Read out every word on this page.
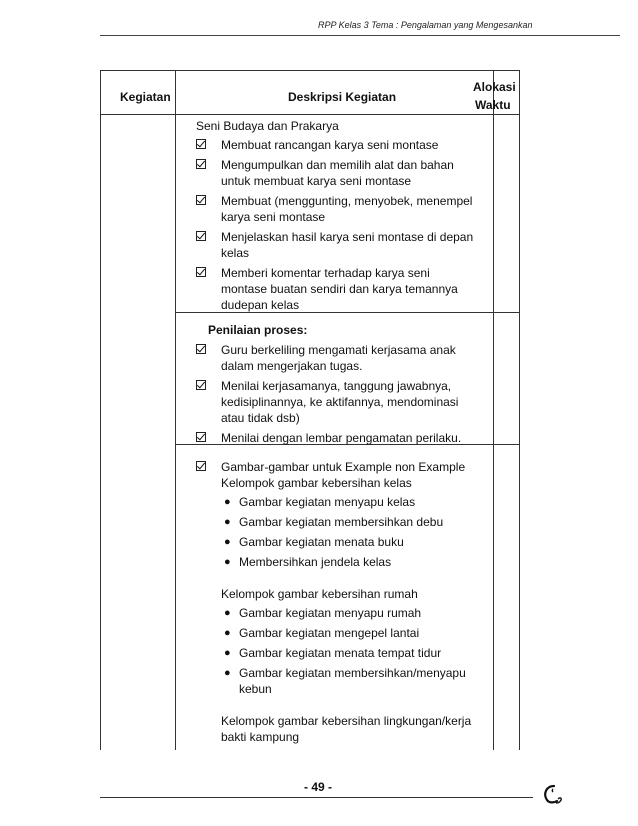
RPP Kelas 3 Tema : Pengalaman yang Mengesankan
Kegiatan	Deskripsi Kegiatan
Alokasi
Waktu
Seni Budaya dan Prakarya
Membuat rancangan karya seni montase
Mengumpulkan dan memilih alat dan bahan
untuk membuat karya seni montase
Membuat (menggunting, menyobek, menempel
karya seni montase
Menjelaskan hasil karya seni montase di depan
kelas
Memberi komentar terhadap karya seni
montase buatan sendiri dan karya temannya
dudepan kelas
Penilaian proses:
Guru berkeliling mengamati kerjasama anak
dalam mengerjakan tugas.
Menilai kerjasamanya, tanggung jawabnya,
kedisiplinannya, ke aktifannya, mendominasi
atau tidak dsb)
Menilai dengan lembar pengamatan perilaku.
Gambar-gambar untuk Example non Example
Kelompok gambar kebersihan kelas
● Gambar kegiatan menyapu kelas
● Gambar kegiatan membersihkan debu
● Gambar kegiatan menata buku
● Membersihkan jendela kelas
Kelompok gambar kebersihan rumah
● Gambar kegiatan menyapu rumah
● Gambar kegiatan mengepel lantai
● Gambar kegiatan menata tempat tidur
● Gambar kegiatan membersihkan/menyapu
kebun
Kelompok gambar kebersihan lingkungan/kerja
bakti kampung
- 49 -
